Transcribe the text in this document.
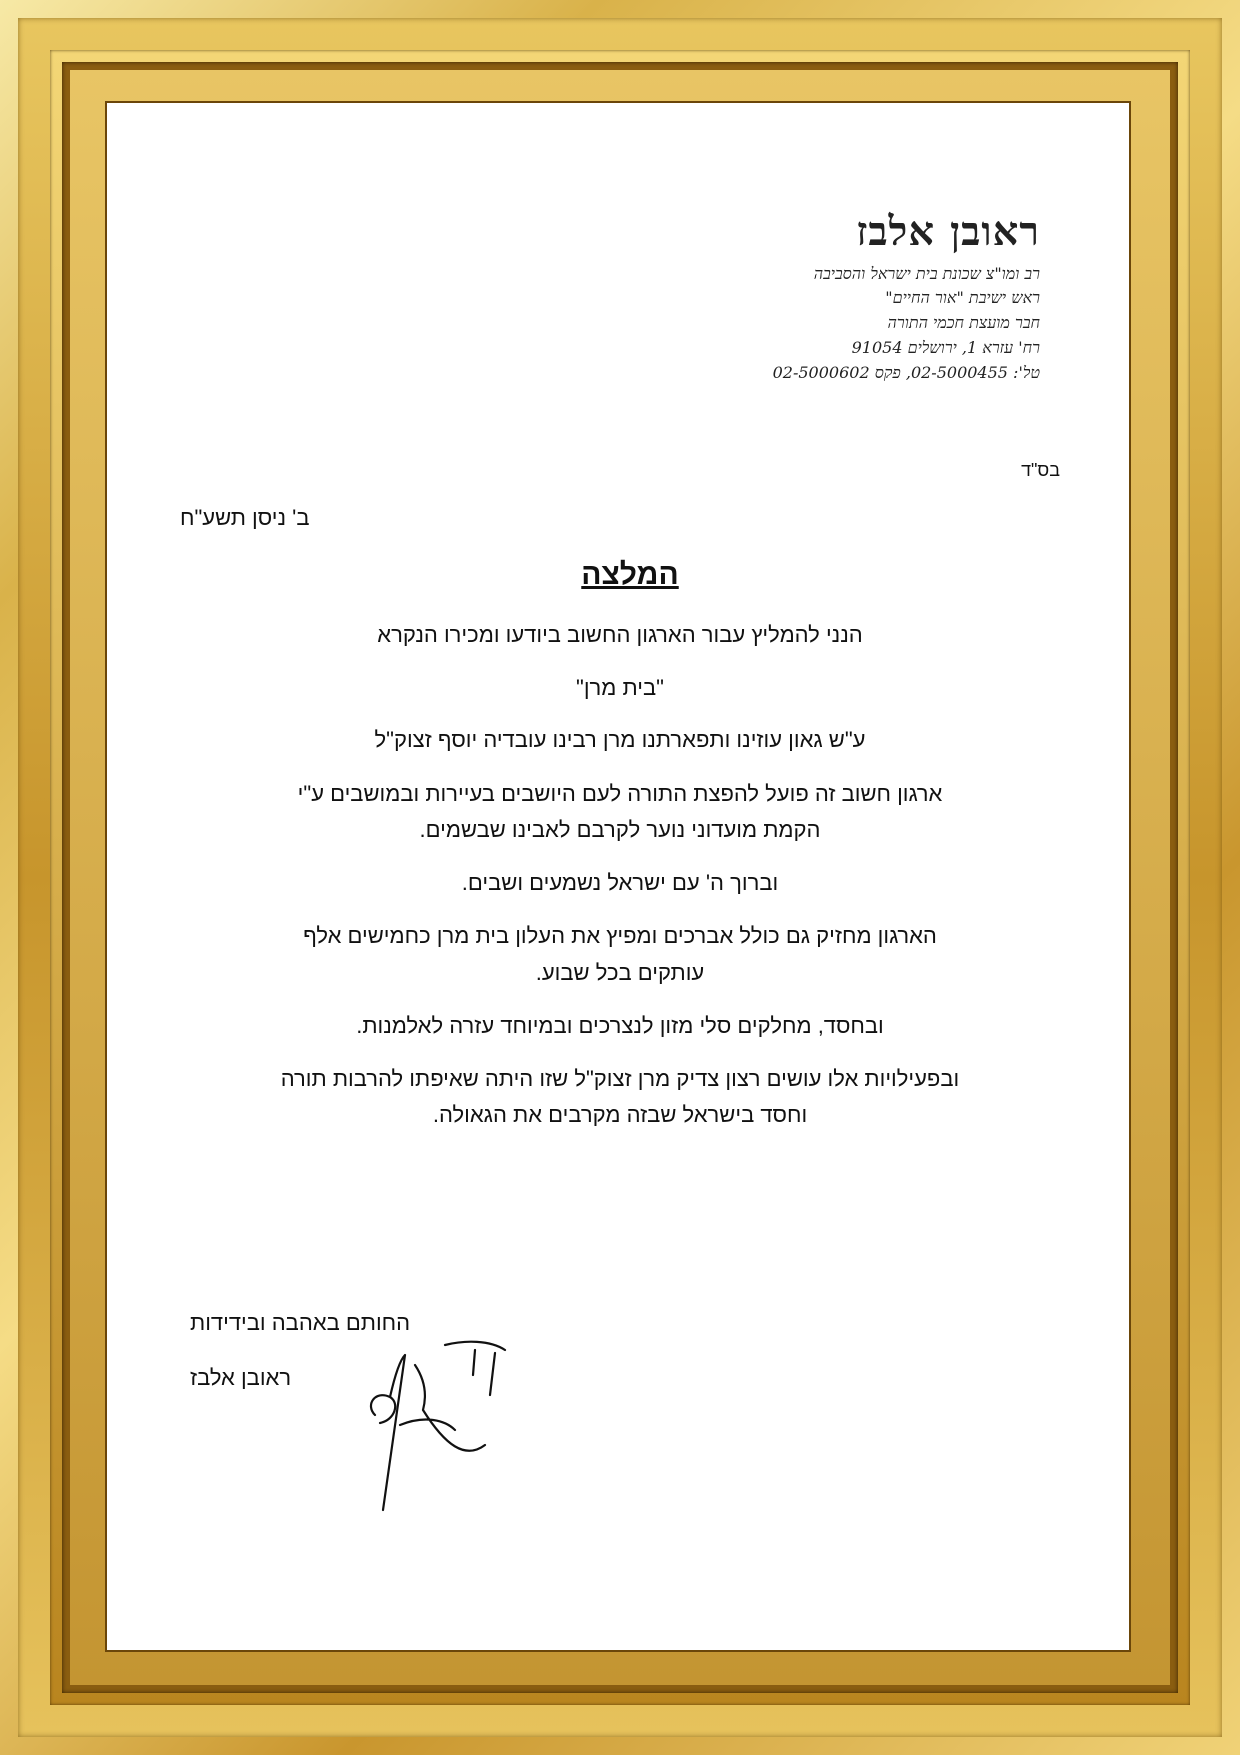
ראובן אלבז
רב ומו"צ שכונת בית ישראל והסביבה
ראש ישיבת "אור החיים"
חבר מועצת חכמי התורה
רח' עזרא 1, ירושלים 91054
טל': 02-5000455, פקס 02-5000602
בס"ד
ב' ניסן תשע"ח
המלצה
הנני להמליץ עבור הארגון החשוב ביודעו ומכירו הנקרא
"בית מרן"
ע"ש גאון עוזינו ותפארתנו מרן רבינו עובדיה יוסף זצוק"ל
ארגון חשוב זה פועל להפצת התורה לעם היושבים בעיירות ובמושבים ע"י
הקמת מועדוני נוער לקרבם לאבינו שבשמים.
וברוך ה' עם ישראל נשמעים ושבים.
הארגון מחזיק גם כולל אברכים ומפיץ את העלון בית מרן כחמישים אלף
עותקים בכל שבוע.
ובחסד, מחלקים סלי מזון לנצרכים ובמיוחד עזרה לאלמנות.
ובפעילויות אלו עושים רצון צדיק מרן זצוק"ל שזו היתה שאיפתו להרבות תורה
וחסד בישראל שבזה מקרבים את הגאולה.
החותם באהבה ובידידות
ראובן אלבז
